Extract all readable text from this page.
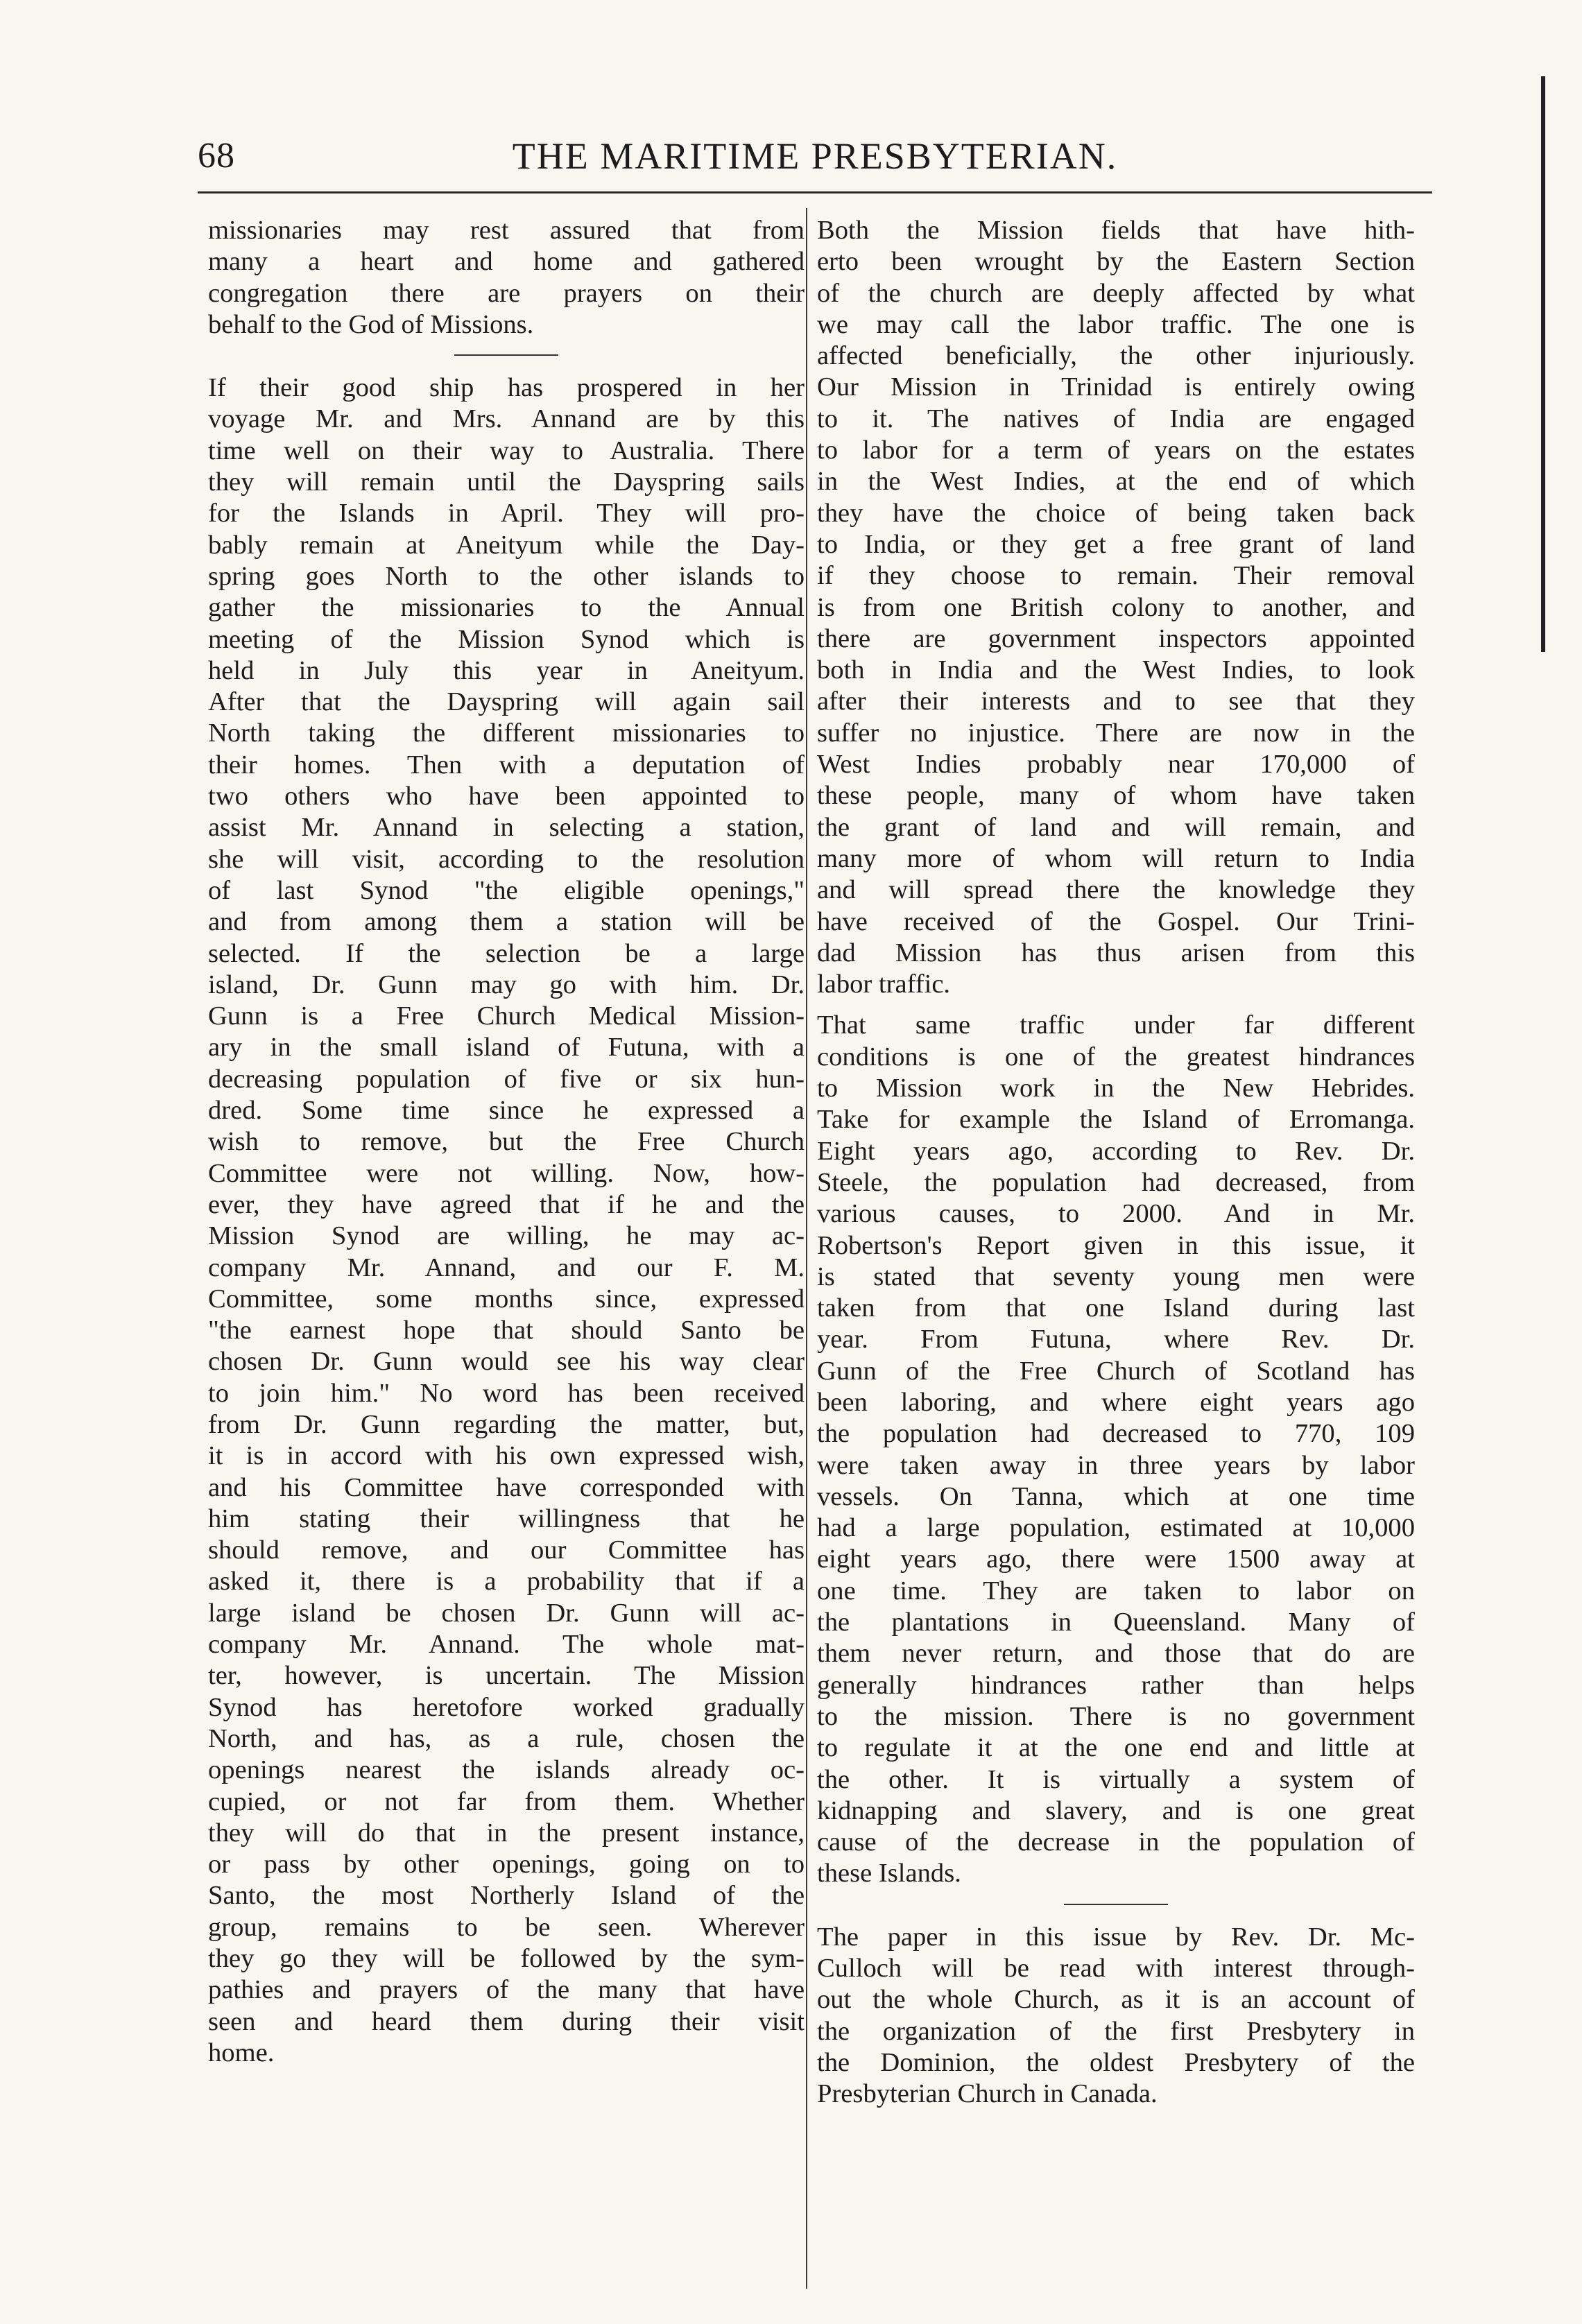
68	THE MARITIME PRESBYTERIAN.
missionaries may rest assured that from
many a heart and home and gathered
congregation there are prayers on their
behalf to the God of Missions.
If their good ship has prospered in her
voyage Mr. and Mrs. Annand are by this
time well on their way to Australia. There
they will remain until the Dayspring sails
for the Islands in April. They will pro-
bably remain at Aneityum while the Day-
spring goes North to the other islands to
gather the missionaries to the Annual
meeting of the Mission Synod which is
held in July this year in Aneityum.
After that the Dayspring will again sail
North taking the different missionaries to
their homes. Then with a deputation of
two others who have been appointed to
assist Mr. Annand in selecting a station,
she will visit, according to the resolution
of last Synod "the eligible openings,"
and from among them a station will be
selected. If the selection be a large
island, Dr. Gunn may go with him. Dr.
Gunn is a Free Church Medical Mission-
ary in the small island of Futuna, with a
decreasing population of five or six hun-
dred. Some time since he expressed a
wish to remove, but the Free Church
Committee were not willing. Now, how-
ever, they have agreed that if he and the
Mission Synod are willing, he may ac-
company Mr. Annand, and our F. M.
Committee, some months since, expressed
"the earnest hope that should Santo be
chosen Dr. Gunn would see his way clear
to join him." No word has been received
from Dr. Gunn regarding the matter, but,
it is in accord with his own expressed wish,
and his Committee have corresponded with
him stating their willingness that he
should remove, and our Committee has
asked it, there is a probability that if a
large island be chosen Dr. Gunn will ac-
company Mr. Annand. The whole mat-
ter, however, is uncertain. The Mission
Synod has heretofore worked gradually
North, and has, as a rule, chosen the
openings nearest the islands already oc-
cupied, or not far from them. Whether
they will do that in the present instance,
or pass by other openings, going on to
Santo, the most Northerly Island of the
group, remains to be seen. Wherever
they go they will be followed by the sym-
pathies and prayers of the many that have
seen and heard them during their visit
home.
Both the Mission fields that have hith-
erto been wrought by the Eastern Section
of the church are deeply affected by what
we may call the labor traffic. The one is
affected beneficially, the other injuriously.
Our Mission in Trinidad is entirely owing
to it. The natives of India are engaged
to labor for a term of years on the estates
in the West Indies, at the end of which
they have the choice of being taken back
to India, or they get a free grant of land
if they choose to remain. Their removal
is from one British colony to another, and
there are government inspectors appointed
both in India and the West Indies, to look
after their interests and to see that they
suffer no injustice. There are now in the
West Indies probably near 170,000 of
these people, many of whom have taken
the grant of land and will remain, and
many more of whom will return to India
and will spread there the knowledge they
have received of the Gospel. Our Trini-
dad Mission has thus arisen from this
labor traffic.
That same traffic under far different
conditions is one of the greatest hindrances
to Mission work in the New Hebrides.
Take for example the Island of Erromanga.
Eight years ago, according to Rev. Dr.
Steele, the population had decreased, from
various causes, to 2000. And in Mr.
Robertson's Report given in this issue, it
is stated that seventy young men were
taken from that one Island during last
year. From Futuna, where Rev. Dr.
Gunn of the Free Church of Scotland has
been laboring, and where eight years ago
the population had decreased to 770, 109
were taken away in three years by labor
vessels. On Tanna, which at one time
had a large population, estimated at 10,000
eight years ago, there were 1500 away at
one time. They are taken to labor on
the plantations in Queensland. Many of
them never return, and those that do are
generally hindrances rather than helps
to the mission. There is no government
to regulate it at the one end and little at
the other. It is virtually a system of
kidnapping and slavery, and is one great
cause of the decrease in the population of
these Islands.
The paper in this issue by Rev. Dr. Mc-
Culloch will be read with interest through-
out the whole Church, as it is an account of
the organization of the first Presbytery in
the Dominion, the oldest Presbytery of the
Presbyterian Church in Canada.
